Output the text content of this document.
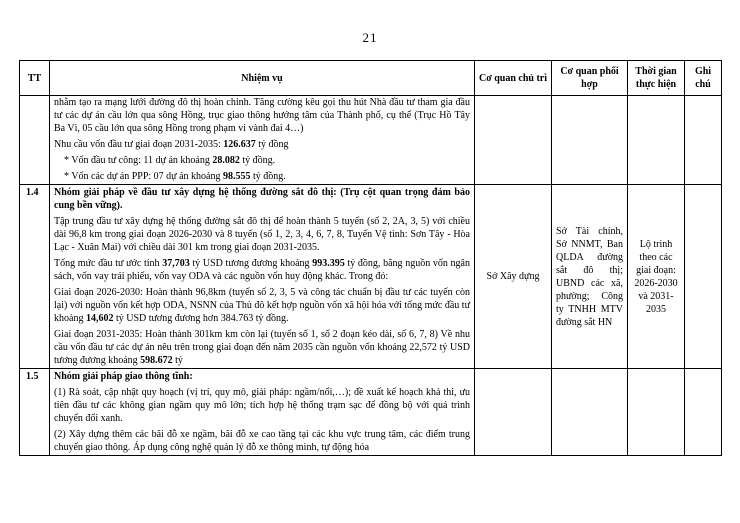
21
TT	Nhiệm vụ	Cơ quan chủ trì	Cơ quan phối hợp	Thời gian thực hiện	Ghi chú

	nhằm tạo ra mạng lưới đường đô thị hoàn chỉnh. Tăng cường kêu gọi thu hút Nhà đầu tư tham gia đầu tư các dự án cầu lớn qua sông Hồng, trục giao thông hướng tâm của Thành phố, cụ thể (Trục Hồ Tây Ba Vì, 05 cầu lớn qua sông Hồng trong phạm vi vành đai 4…)

Nhu cầu vốn đầu tư giai đoạn 2031-2035: 126.637 tỷ đồng

* Vốn đầu tư công: 11 dự án khoảng 28.082 tỷ đồng.

* Vốn các dự án PPP: 07 dự án khoảng 98.555 tỷ đồng.				

1.4	Nhóm giải pháp về đầu tư xây dựng hệ thống đường sắt đô thị: (Trụ cột quan trọng đảm bảo cung bền vững).

Tập trung đầu tư xây dựng hệ thống đường sắt đô thị để hoàn thành 5 tuyến (số 2, 2A, 3, 5) với chiều dài 96,8 km trong giai đoạn 2026-2030 và 8 tuyến (số 1, 2, 3, 4, 6, 7, 8, Tuyến Vệ tinh: Sơn Tây - Hòa Lạc - Xuân Mai) với chiều dài 301 km trong giai đoạn 2031-2035.

Tổng mức đầu tư ước tính 37,703 tỷ USD tương đương khoảng 993.395 tỷ đồng, bằng nguồn vốn ngân sách, vốn vay trái phiếu, vốn vay ODA và các nguồn vốn huy động khác. Trong đó:

Giai đoạn 2026-2030: Hoàn thành 96,8km (tuyến số 2, 3, 5 và công tác chuẩn bị đầu tư các tuyến còn lại) với nguồn vốn kết hợp ODA, NSNN của Thủ đô kết hợp nguồn vốn xã hội hóa với tổng mức đầu tư khoảng 14,602 tỷ USD tương đương hơn 384.763 tỷ đồng.

Giai đoạn 2031-2035: Hoàn thành 301km km còn lại (tuyến số 1, số 2 đoạn kéo dài, số 6, 7, 8) Về nhu cầu vốn đầu tư các dự án nêu trên trong giai đoạn đến năm 2035 cần nguồn vốn khoảng 22,572 tỷ USD tương đương khoảng 598.672 tỷ	Sở Xây dựng	Sở Tài chính, Sở NNMT, Ban QLDA đường sắt đô thị; UBND các xã, phường; Công ty TNHH MTV đường sắt HN	Lộ trình theo các giai đoạn: 2026-2030 và 2031-2035	
1.5	Nhóm giải pháp giao thông tĩnh:

(1) Rà soát, cập nhật quy hoạch (vị trí, quy mô, giải pháp: ngầm/nổi,…); đề xuất kế hoạch khả thi, ưu tiên đầu tư các không gian ngầm quy mô lớn; tích hợp hệ thống trạm sạc để đồng bộ với quá trình chuyển đổi xanh.

(2) Xây dựng thêm các bãi đỗ xe ngầm, bãi đỗ xe cao tầng tại các khu vực trung tâm, các điểm trung chuyển giao thông. Áp dụng công nghệ quản lý đỗ xe thông minh, tự động hóa				
